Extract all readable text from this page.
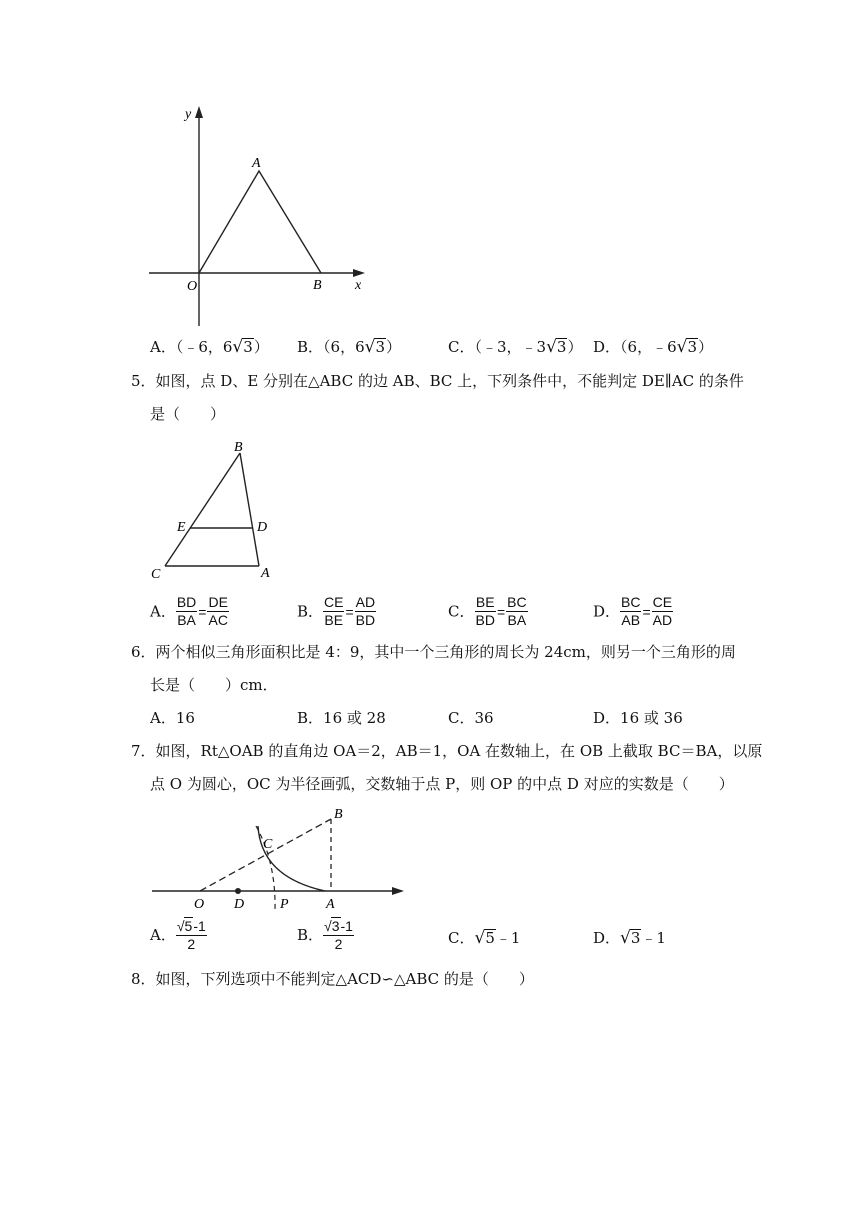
y
A
O	B x
A．（﹣6，6√3） B．（6，6√3）	C．（﹣3，﹣3√3） D．（6，﹣6√3）
5．如图，点 D、E 分别在△ABC 的边 AB、BC 上，下列条件中，不能判定 DE∥AC 的条件
是（　　）
B
E	D
C	A
A． $\frac{BD}{BA} = \frac{DE}{AC}$	B． $\frac{CE}{BE} = \frac{AD}{BD}$	C． $\frac{BE}{BD} = \frac{BC}{BA}$	D． $\frac{BC}{AB} = \frac{CE}{AD}$
6．两个相似三角形面积比是 4：9，其中一个三角形的周长为 24cm，则另一个三角形的周
长是（　　）cm．
A．16	B．16 或 28	C．36	D．16 或 36
7．如图，Rt△OAB 的直角边 OA＝2，AB＝1，OA 在数轴上，在 OB 上截取 BC＝BA，以原
点 O 为圆心，OC 为半径画弧，交数轴于点 P，则 OP 的中点 D 对应的实数是（　　）
B
C
O D	P	A
A． $\frac{√5-1}{2}$	B． $\frac{√3-1}{2}$	C．√5﹣1	D．√3﹣1
8．如图，下列选项中不能判定△ACD∽△ABC 的是（　　）
